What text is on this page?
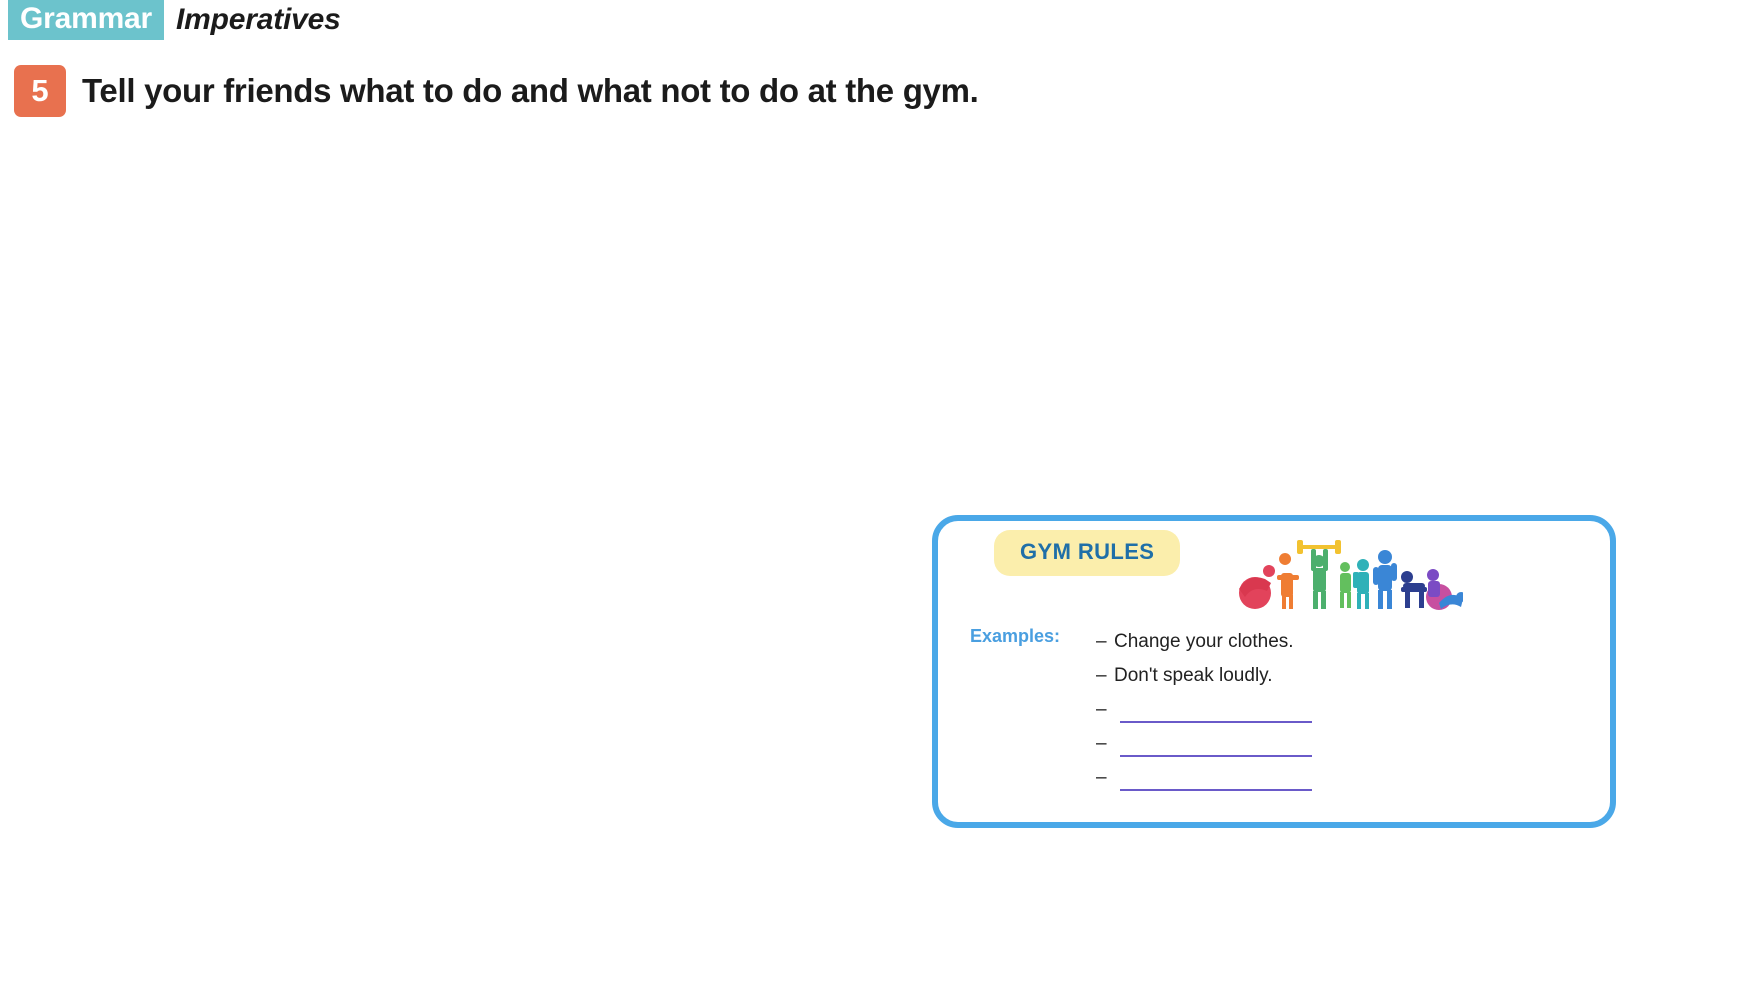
Grammar Imperatives
5	Tell your friends what to do and what not to do at the gym.
GYM RULES
Examples: – Change your clothes.
– Don't speak loudly.
–
–
–
